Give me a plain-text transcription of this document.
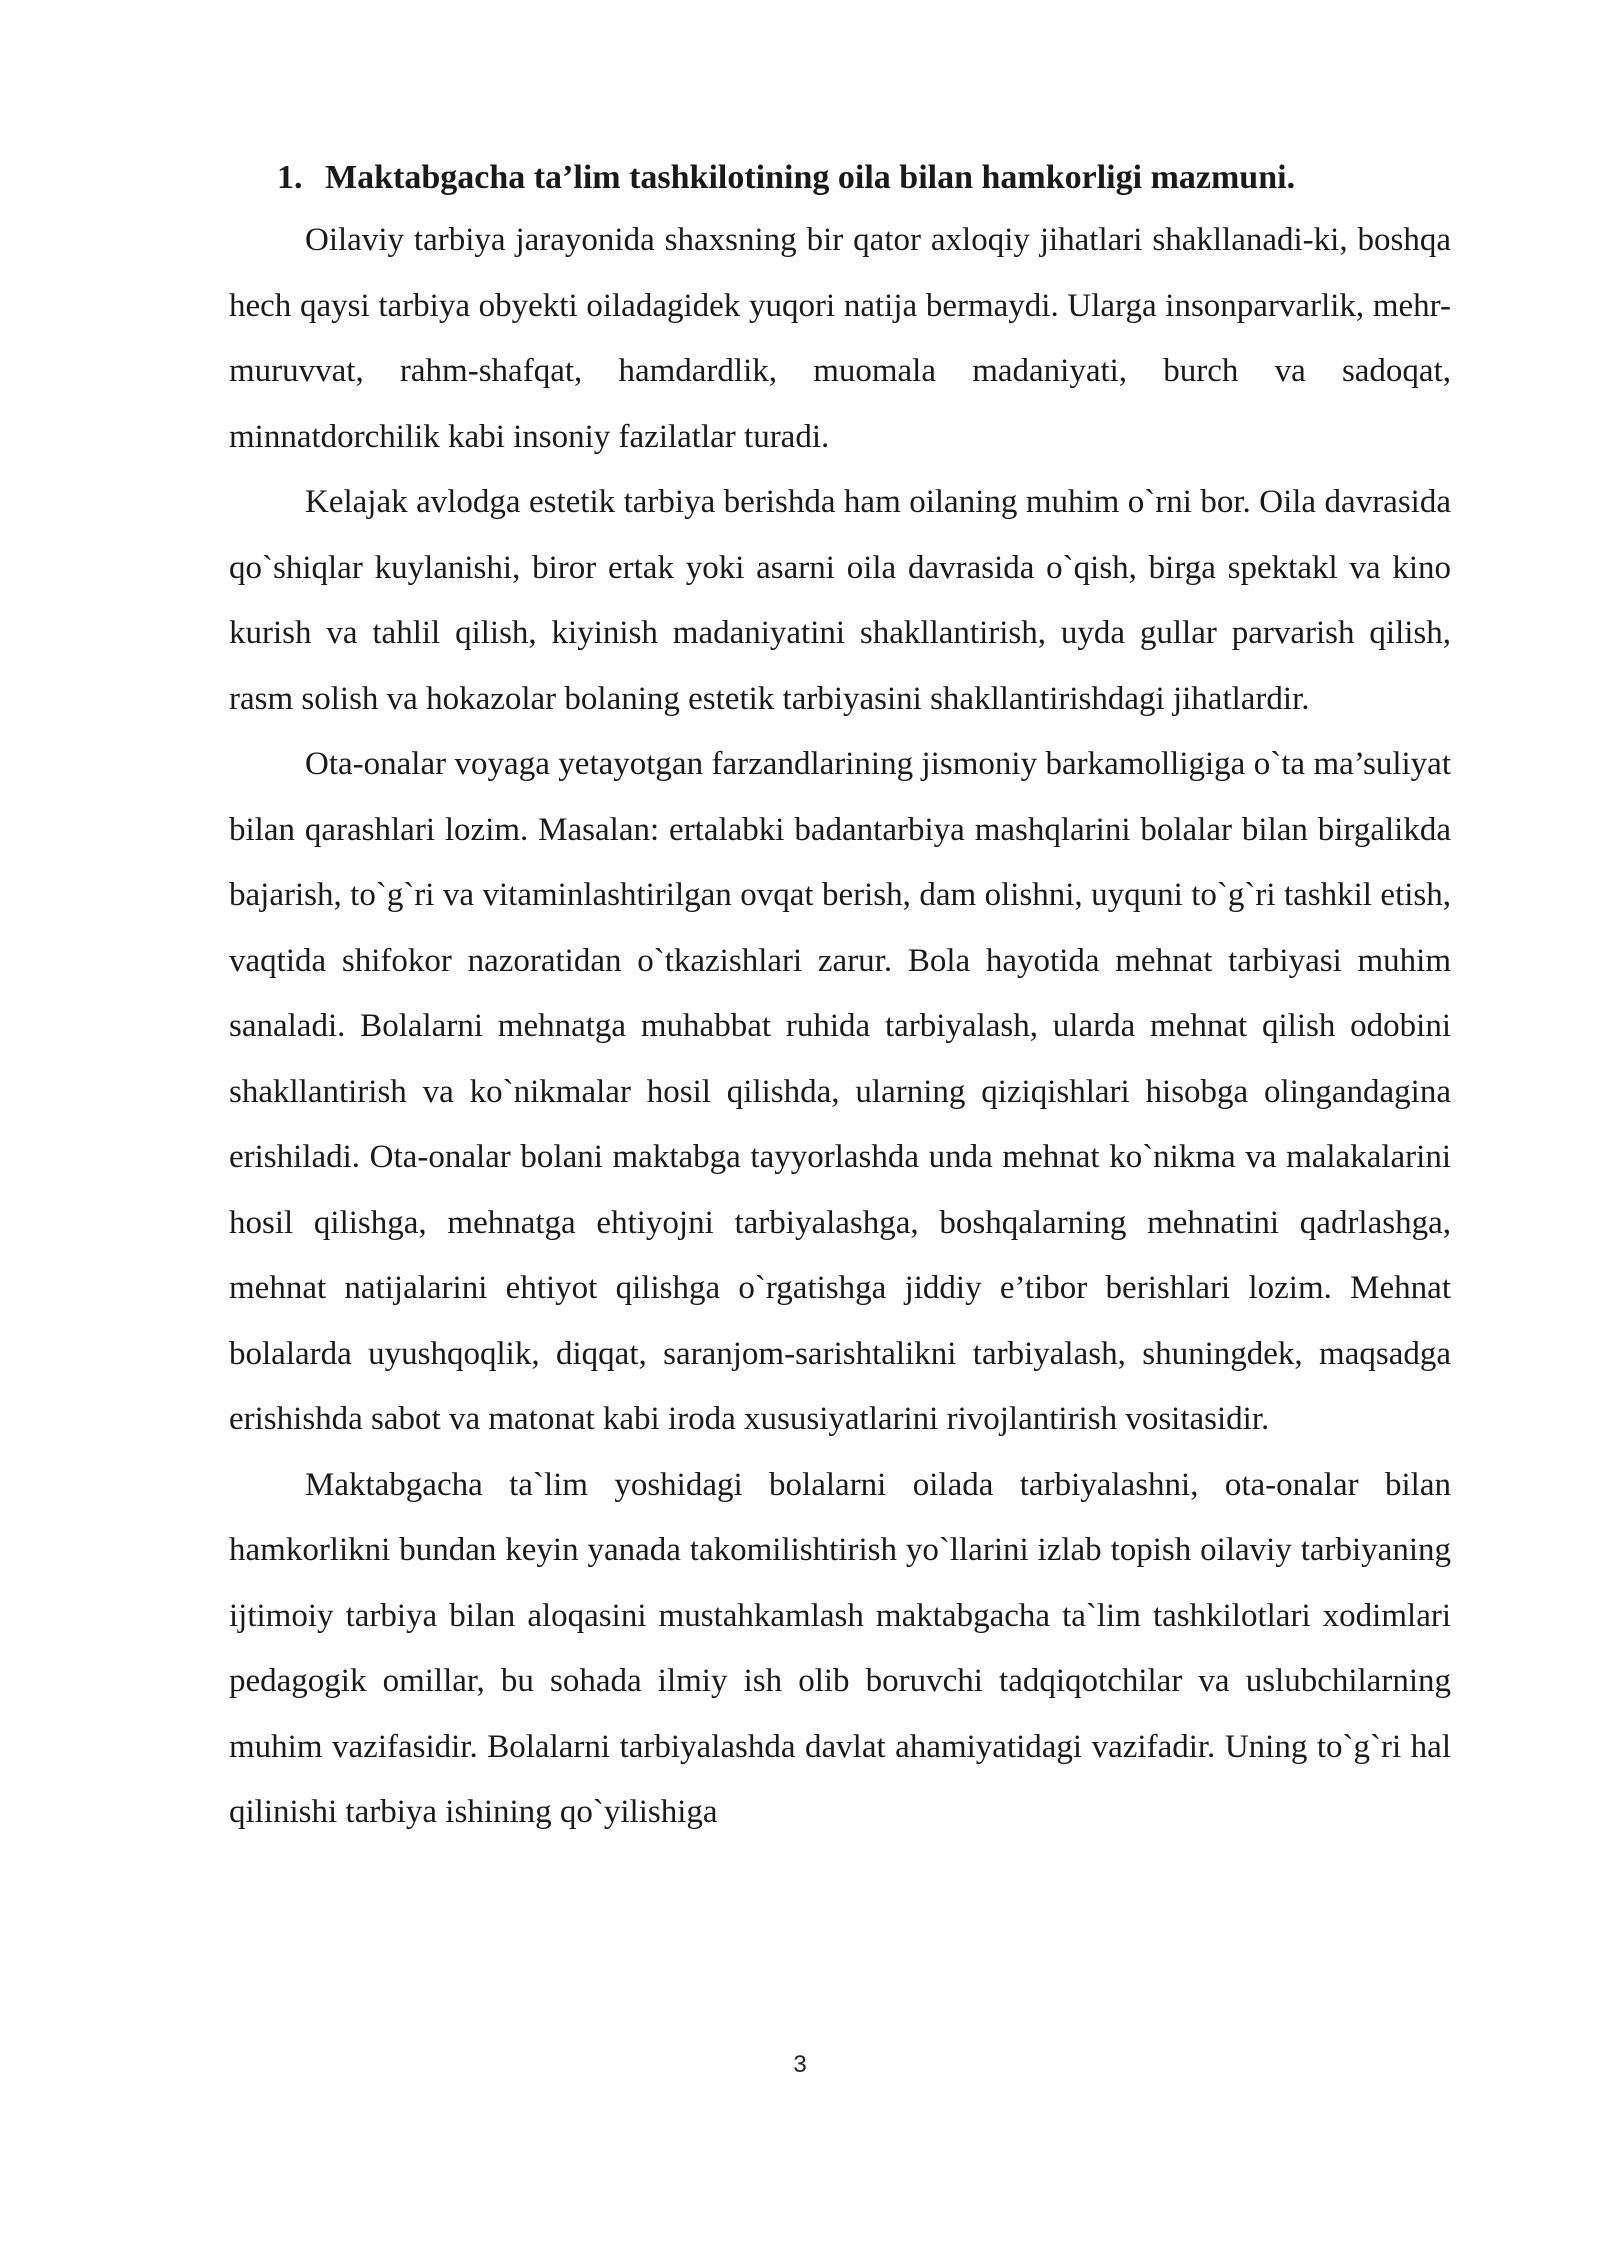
1. Maktabgacha ta’lim tashkilotining oila bilan hamkorligi mazmuni.

Oilaviy tarbiya jarayonida shaxsning bir qator axloqiy jihatlari shakllanadi-ki, boshqa hech qaysi tarbiya obyekti oiladagidek yuqori natija bermaydi. Ularga insonparvarlik, mehr-muruvvat, rahm-shafqat, hamdardlik, muomala madaniyati, burch va sadoqat, minnatdorchilik kabi insoniy fazilatlar turadi.

Kelajak avlodga estetik tarbiya berishda ham oilaning muhim o`rni bor. Oila davrasida qo`shiqlar kuylanishi, biror ertak yoki asarni oila davrasida o`qish, birga spektakl va kino kurish va tahlil qilish, kiyinish madaniyatini shakllantirish, uyda gullar parvarish qilish, rasm solish va hokazolar bolaning estetik tarbiyasini shakllantirishdagi jihatlardir.

Ota-onalar voyaga yetayotgan farzandlarining jismoniy barkamolligiga o`ta ma’suliyat bilan qarashlari lozim. Masalan: ertalabki badantarbiya mashqlarini bolalar bilan birgalikda bajarish, to`g`ri va vitaminlashtirilgan ovqat berish, dam olishni, uyquni to`g`ri tashkil etish, vaqtida shifokor nazoratidan o`tkazishlari zarur. Bola hayotida mehnat tarbiyasi muhim sanaladi. Bolalarni mehnatga muhabbat ruhida tarbiyalash, ularda mehnat qilish odobini shakllantirish va ko`nikmalar hosil qilishda, ularning qiziqishlari hisobga olingandagina erishiladi. Ota-onalar bolani maktabga tayyorlashda unda mehnat ko`nikma va malakalarini hosil qilishga, mehnatga ehtiyojni tarbiyalashga, boshqalarning mehnatini qadrlashga, mehnat natijalarini ehtiyot qilishga o`rgatishga jiddiy e’tibor berishlari lozim. Mehnat bolalarda uyushqoqlik, diqqat, saranjom-sarishtalikni tarbiyalash, shuningdek, maqsadga erishishda sabot va matonat kabi iroda xususiyatlarini rivojlantirish vositasidir.

Maktabgacha ta`lim yoshidagi bolalarni oilada tarbiyalashni, ota-onalar bilan hamkorlikni bundan keyin yanada takomilishtirish yo`llarini izlab topish oilaviy tarbiyaning ijtimoiy tarbiya bilan aloqasini mustahkamlash maktabgacha ta`lim tashkilotlari xodimlari pedagogik omillar, bu sohada ilmiy ish olib boruvchi tadqiqotchilar va uslubchilarning muhim vazifasidir. Bolalarni tarbiyalashda davlat ahamiyatidagi vazifadir. Uning to`g`ri hal qilinishi tarbiya ishining qo`yilishiga

3
